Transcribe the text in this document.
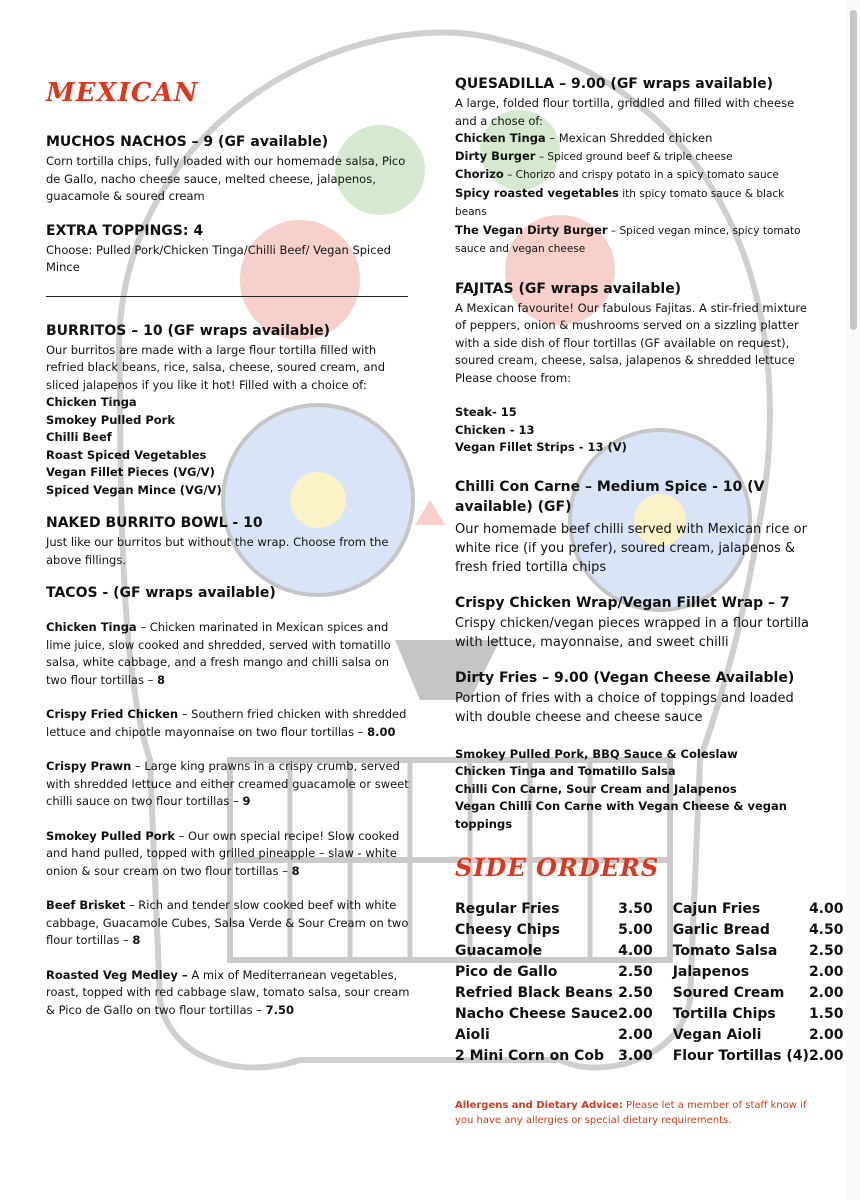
MEXICAN
MUCHOS NACHOS – 9 (GF available)

Corn tortilla chips, fully loaded with our homemade salsa, Pico de Gallo, nacho cheese sauce, melted cheese, jalapenos, guacamole & soured cream

EXTRA TOPPINGS: 4

Choose: Pulled Pork/Chicken Tinga/Chilli Beef/ Vegan Spiced Mince

BURRITOS – 10 (GF wraps available)

Our burritos are made with a large flour tortilla filled with refried black beans, rice, salsa, cheese, soured cream, and sliced jalapenos if you like it hot! Filled with a choice of:

Chicken Tinga
Smokey Pulled Pork
Chilli Beef
Roast Spiced Vegetables
Vegan Fillet Pieces (VG/V)
Spiced Vegan Mince (VG/V)
NAKED BURRITO BOWL - 10

Just like our burritos but without the wrap. Choose from the above fillings.

TACOS - (GF wraps available)

Chicken Tinga – Chicken marinated in Mexican spices and lime juice, slow cooked and shredded, served with tomatillo salsa, white cabbage, and a fresh mango and chilli salsa on two flour tortillas – 8

Crispy Fried Chicken – Southern fried chicken with shredded lettuce and chipotle mayonnaise on two flour tortillas – 8.00

Crispy Prawn – Large king prawns in a crispy crumb, served with shredded lettuce and either creamed guacamole or sweet chilli sauce on two flour tortillas – 9

Smokey Pulled Pork – Our own special recipe! Slow cooked and hand pulled, topped with grilled pineapple – slaw - white onion & sour cream on two flour tortillas – 8

Beef Brisket – Rich and tender slow cooked beef with white cabbage, Guacamole Cubes, Salsa Verde & Sour Cream on two flour tortillas – 8

Roasted Veg Medley – A mix of Mediterranean vegetables, roast, topped with red cabbage slaw, tomato salsa, sour cream & Pico de Gallo on two flour tortillas – 7.50

QUESADILLA – 9.00 (GF wraps available)

A large, folded flour tortilla, griddled and filled with cheese and a chose of:

Chicken Tinga – Mexican Shredded chicken
Dirty Burger – Spiced ground beef & triple cheese
Chorizo – Chorizo and crispy potato in a spicy tomato sauce
Spicy roasted vegetables ith spicy tomato sauce & black beans
The Vegan Dirty Burger – Spiced vegan mince, spicy tomato sauce and vegan cheese
FAJITAS (GF wraps available)

A Mexican favourite! Our fabulous Fajitas. A stir-fried mixture of peppers, onion & mushrooms served on a sizzling platter with a side dish of flour tortillas (GF available on request), soured cream, cheese, salsa, jalapenos & shredded lettuce

Please choose from:

Steak- 15
Chicken - 13
Vegan Fillet Strips - 13 (V)
Chilli Con Carne – Medium Spice - 10 (V available) (GF)

Our homemade beef chilli served with Mexican rice or white rice (if you prefer), soured cream, jalapenos & fresh fried tortilla chips

Crispy Chicken Wrap/Vegan Fillet Wrap – 7

Crispy chicken/vegan pieces wrapped in a flour tortilla with lettuce, mayonnaise, and sweet chilli

Dirty Fries – 9.00 (Vegan Cheese Available)

Portion of fries with a choice of toppings and loaded with double cheese and cheese sauce

Smokey Pulled Pork, BBQ Sauce & Coleslaw
Chicken Tinga and Tomatillo Salsa
Chilli Con Carne, Sour Cream and Jalapenos
Vegan Chilli Con Carne with Vegan Cheese & vegan toppings
SIDE ORDERS
Regular Fries	3.50	Cajun Fries	4.00
Cheesy Chips	5.00	Garlic Bread	4.50
Guacamole	4.00	Tomato Salsa	2.50
Pico de Gallo	2.50	Jalapenos	2.00
Refried Black Beans	2.50	Soured Cream	2.00
Nacho Cheese Sauce	2.00	Tortilla Chips	1.50
Aioli	2.00	Vegan Aioli	2.00
2 Mini Corn on Cob	3.00	Flour Tortillas (4)	2.00

Allergens and Dietary Advice: Please let a member of staff know if you have any allergies or special dietary requirements.
